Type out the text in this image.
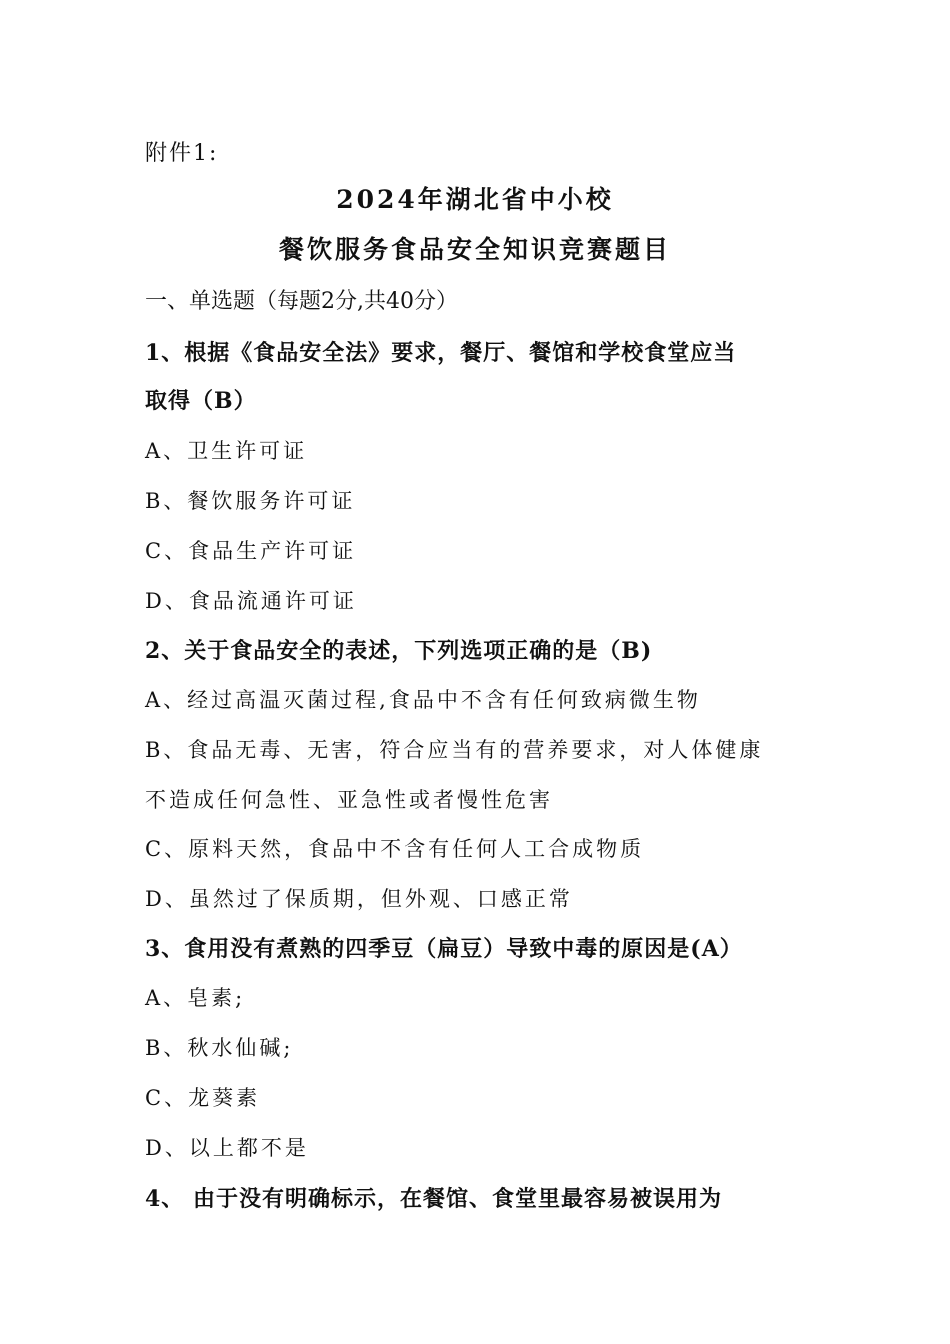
附件1:
2024年湖北省中小校
餐饮服务食品安全知识竞赛题目
一、单选题（每题2分,共40分）
1、根据《食品安全法》要求，餐厅、餐馆和学校食堂应当
取得（B）
A、卫生许可证
B、餐饮服务许可证
C、食品生产许可证
D、食品流通许可证
2、关于食品安全的表述，下列选项正确的是（B)
A、经过高温灭菌过程,食品中不含有任何致病微生物
B、食品无毒、无害，符合应当有的营养要求，对人体健康
不造成任何急性、亚急性或者慢性危害
C、原料天然，食品中不含有任何人工合成物质
D、虽然过了保质期，但外观、口感正常
3、食用没有煮熟的四季豆（扁豆）导致中毒的原因是(A）
A、皂素;
B、秋水仙碱;
C、龙葵素
D、以上都不是
4、 由于没有明确标示，在餐馆、食堂里最容易被误用为
